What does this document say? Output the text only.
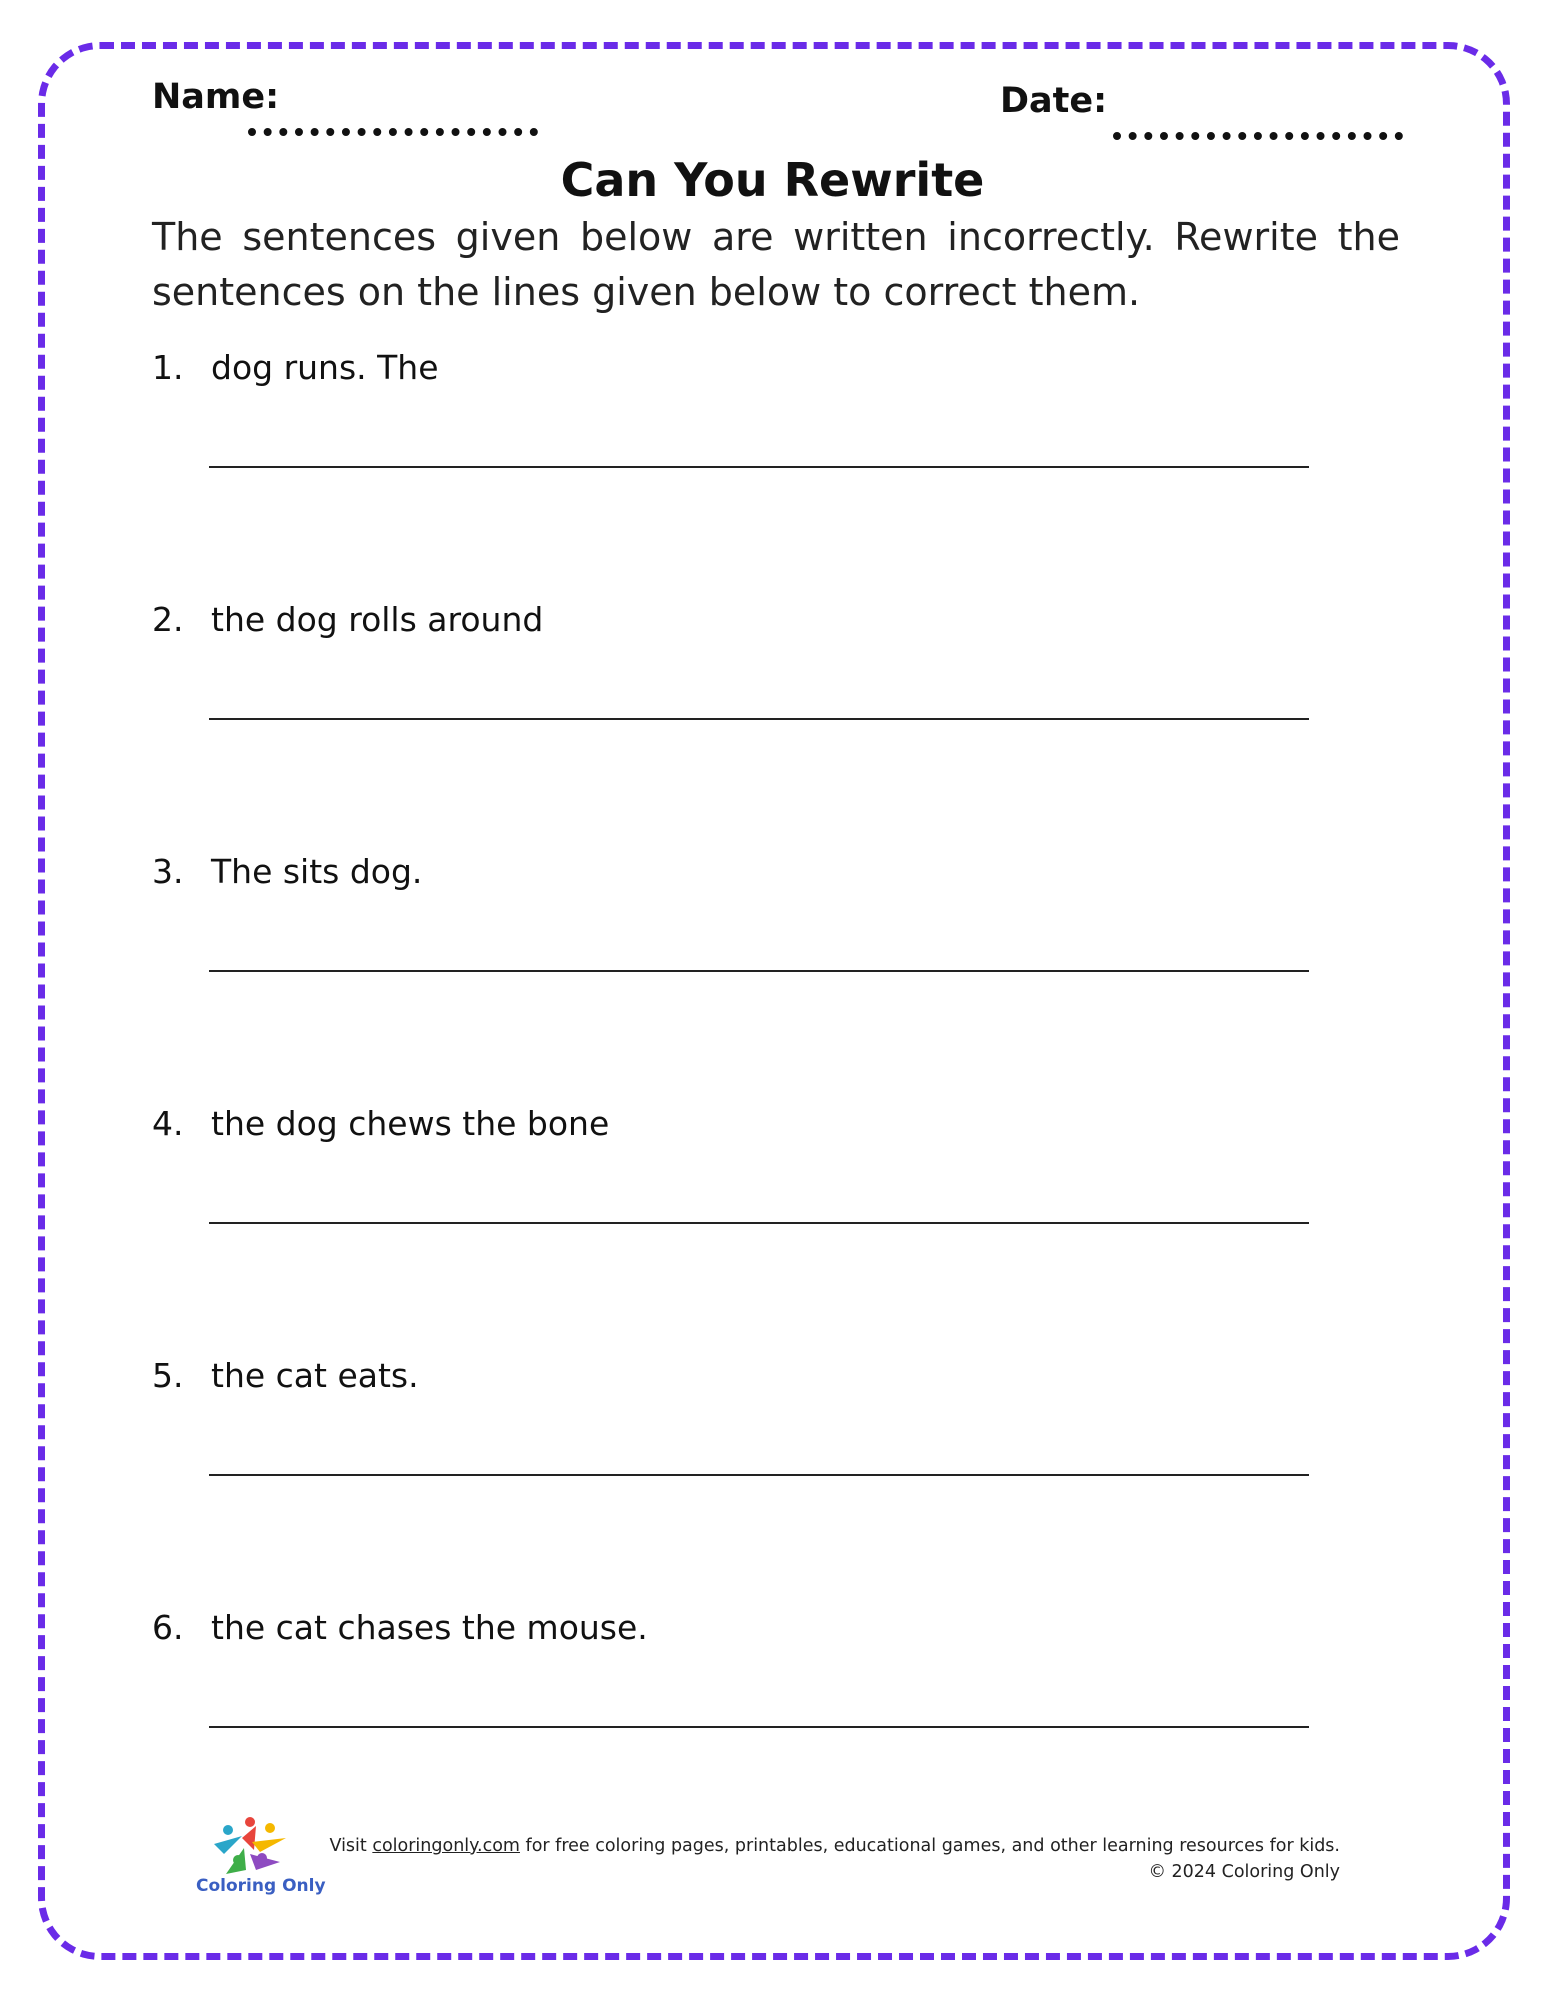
Name:	Date:
Can You Rewrite

The sentences given below are written incorrectly. Rewrite the sentences on the lines given below to correct them.

1. dog runs. The
2. the dog rolls around
3. The sits dog.
4. the dog chews the bone
5. the cat eats.
6. the cat chases the mouse.
Coloring Only
Visit coloringonly.com for free coloring pages, printables, educational games, and other learning resources for kids.
© 2024 Coloring Only
